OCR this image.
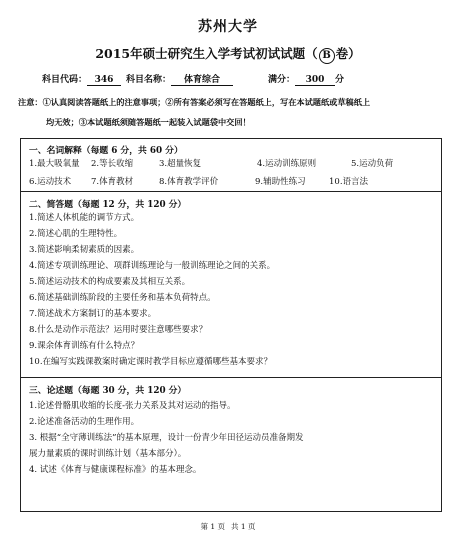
苏州大学
2015年硕士研究生入学考试初试试题（ B 卷）
科目代码： 346	科目名称： 体育综合	满分： 300 分
注意：①认真阅读答题纸上的注意事项；②所有答案必须写在答题纸上，写在本试题纸或草稿纸上
均无效；③本试题纸须随答题纸一起装入试题袋中交回！
一、名词解释（每题 6 分，共 60 分）
1.最大吸氧量 2.等长收缩	3.超量恢复	4.运动训练原则	5.运动负荷
6.运动技术 7.体育教材	8.体育教学评价	9.辅助性练习	10.语言法
二、简答题（每题 12 分，共 120 分）
1.简述人体机能的调节方式。
2.简述心肌的生理特性。
3.简述影响柔韧素质的因素。
4.简述专项训练理论、项群训练理论与一般训练理论之间的关系。
5.简述运动技术的构成要素及其相互关系。
6.简述基础训练阶段的主要任务和基本负荷特点。
7.简述战术方案制订的基本要求。
8.什么是动作示范法？运用时要注意哪些要求？
9.课余体育训练有什么特点？
10.在编写实践课教案时确定课时教学目标应遵循哪些基本要求？
三、论述题（每题 30 分，共 120 分）
1.论述骨骼肌收缩的长度-张力关系及其对运动的指导。
2.论述准备活动的生理作用。
3. 根据“全守薄训练法”的基本原理，设计一份青少年田径运动员准备期发
展力量素质的课时训练计划（基本部分）。
4. 试述《体育与健康课程标准》的基本理念。
第 1 页 共 1 页
